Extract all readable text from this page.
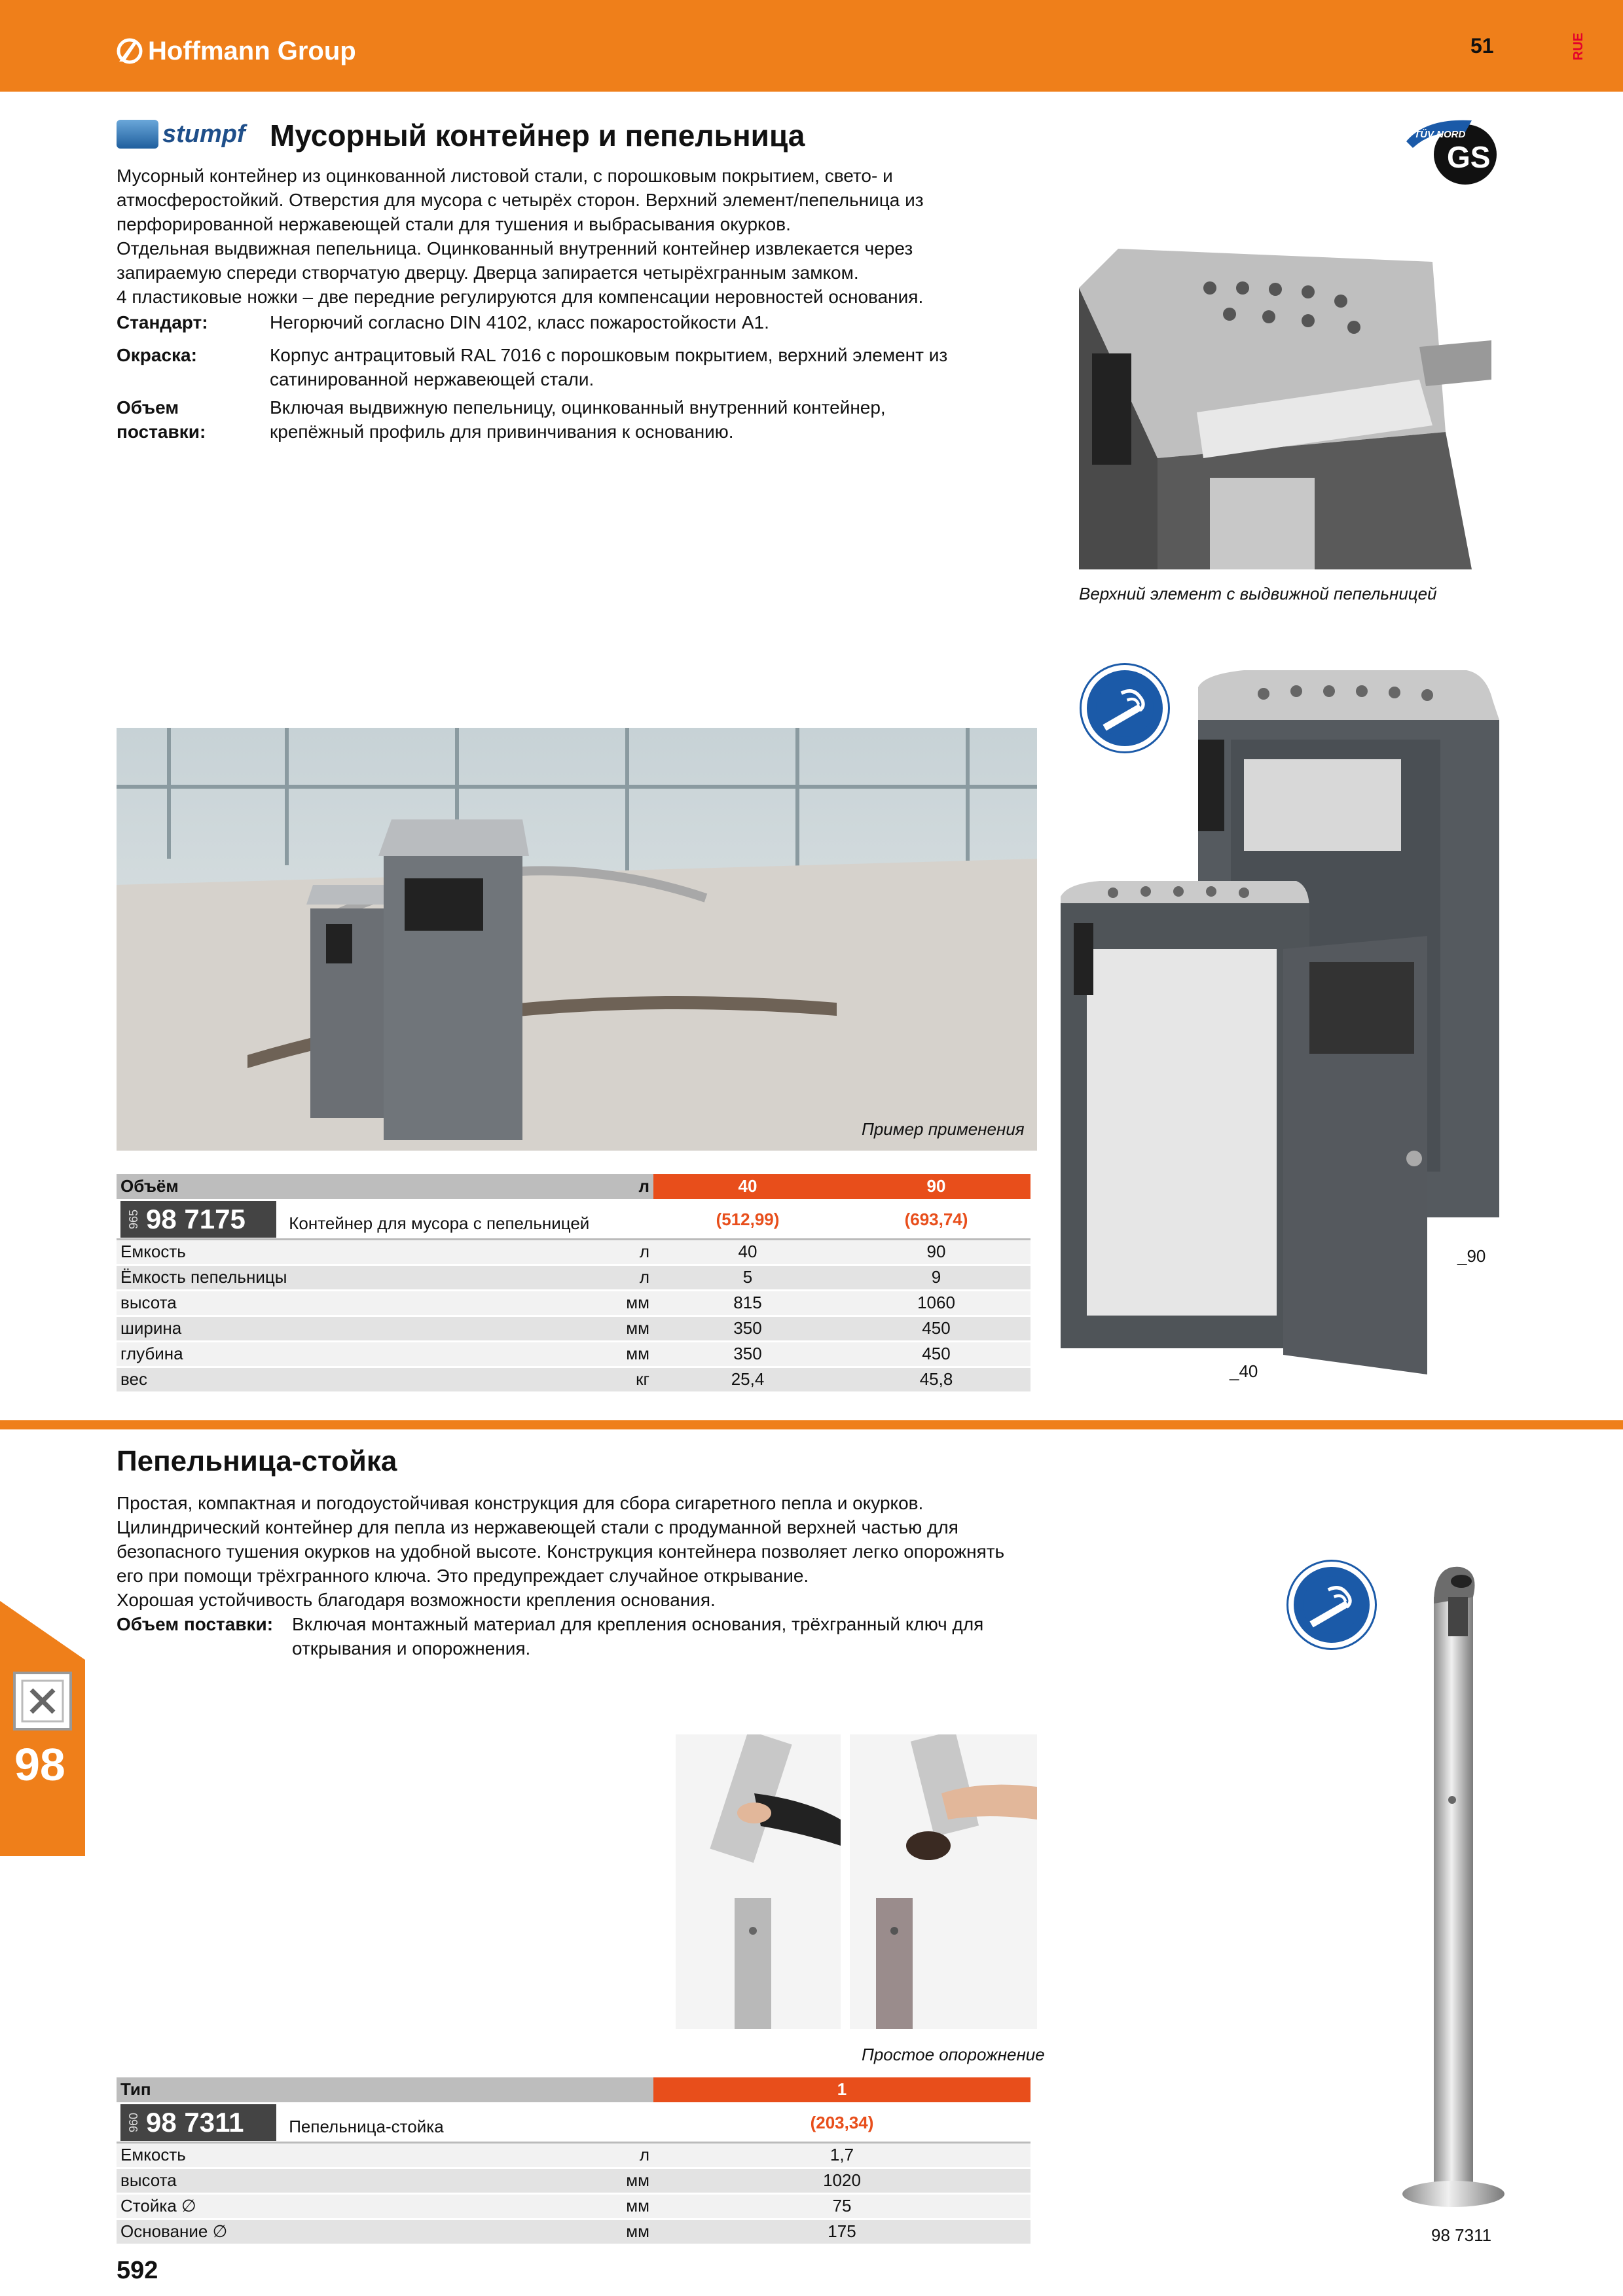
Hoffmann Group	51	RUE
stumpf Мусорный контейнер и пепельница	TÜV NORD
GS
Мусорный контейнер из оцинкованной листовой стали, с порошковым покрытием, свето- и
атмосферостойкий. Отверстия для мусора с четырёх сторон. Верхний элемент/пепельница из
перфорированной нержавеющей стали для тушения и выбрасывания окурков.
Отдельная выдвижная пепельница. Оцинкованный внутренний контейнер извлекается через
запираемую спереди створчатую дверцу. Дверца запирается четырёхгранным замком.
4 пластиковые ножки – две передние регулируются для компенсации неровностей основания.
Стандарт:	Негорючий согласно DIN 4102, класс пожаростойкости A1.
Окраска:	Корпус антрацитовый RAL 7016 с порошковым покрытием, верхний элемент из
сатинированной нержавеющей стали.
Объем поставки:
Включая выдвижную пепельницу, оцинкованный внутренний контейнер,
крепёжный профиль для привинчивания к основанию.
Верхний элемент с выдвижной пепельницей
Пример применения
_90
_40
Объём	л	40	90

965 98 7175 Контейнер для мусора с пепельницей		(512,99)	(693,74)
Емкость	л	40	90
Ёмкость пепельницы	л	5	9
высота	мм	815	1060
ширина	мм	350	450
глубина	мм	350	450
вес	кг	25,4	45,8
Пепельница-стойка
Простая, компактная и погодоустойчивая конструкция для сбора сигаретного пепла и окурков.
Цилиндрический контейнер для пепла из нержавеющей стали с продуманной верхней частью для
безопасного тушения окурков на удобной высоте. Конструкция контейнера позволяет легко опорожнять
его при помощи трёхгранного ключа. Это предупреждает случайное открывание.
Хорошая устойчивость благодаря возможности крепления основания.
Объем поставки:	Включая монтажный материал для крепления основания, трёхгранный ключ для
открывания и опорожнения.
98
Простое опорожнение
98 7311
Тип		1

960 98 7311 Пепельница-стойка		(203,34)
Емкость	л	1,7
высота	мм	1020
Стойка ∅	мм	75
Основание ∅	мм	175
592
